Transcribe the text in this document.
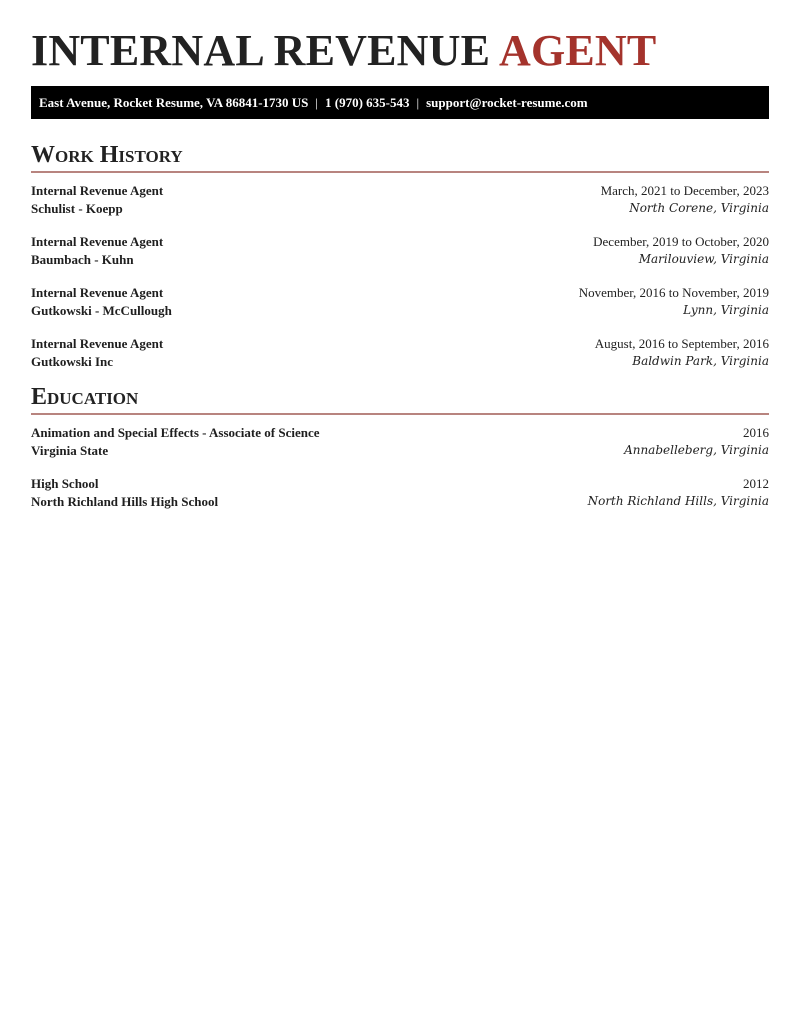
INTERNAL REVENUE AGENT
East Avenue, Rocket Resume, VA 86841-1730 US | 1 (970) 635-543 | support@rocket-resume.com
Work History
Internal Revenue Agent
Schulist - Koepp
March, 2021 to December, 2023
North Corene, Virginia
Internal Revenue Agent
Baumbach - Kuhn
December, 2019 to October, 2020
Marilouview, Virginia
Internal Revenue Agent
Gutkowski - McCullough
November, 2016 to November, 2019
Lynn, Virginia
Internal Revenue Agent
Gutkowski Inc
August, 2016 to September, 2016
Baldwin Park, Virginia
Education
Animation and Special Effects - Associate of Science
Virginia State
2016
Annabelleberg, Virginia
High School
North Richland Hills High School
2012
North Richland Hills, Virginia
